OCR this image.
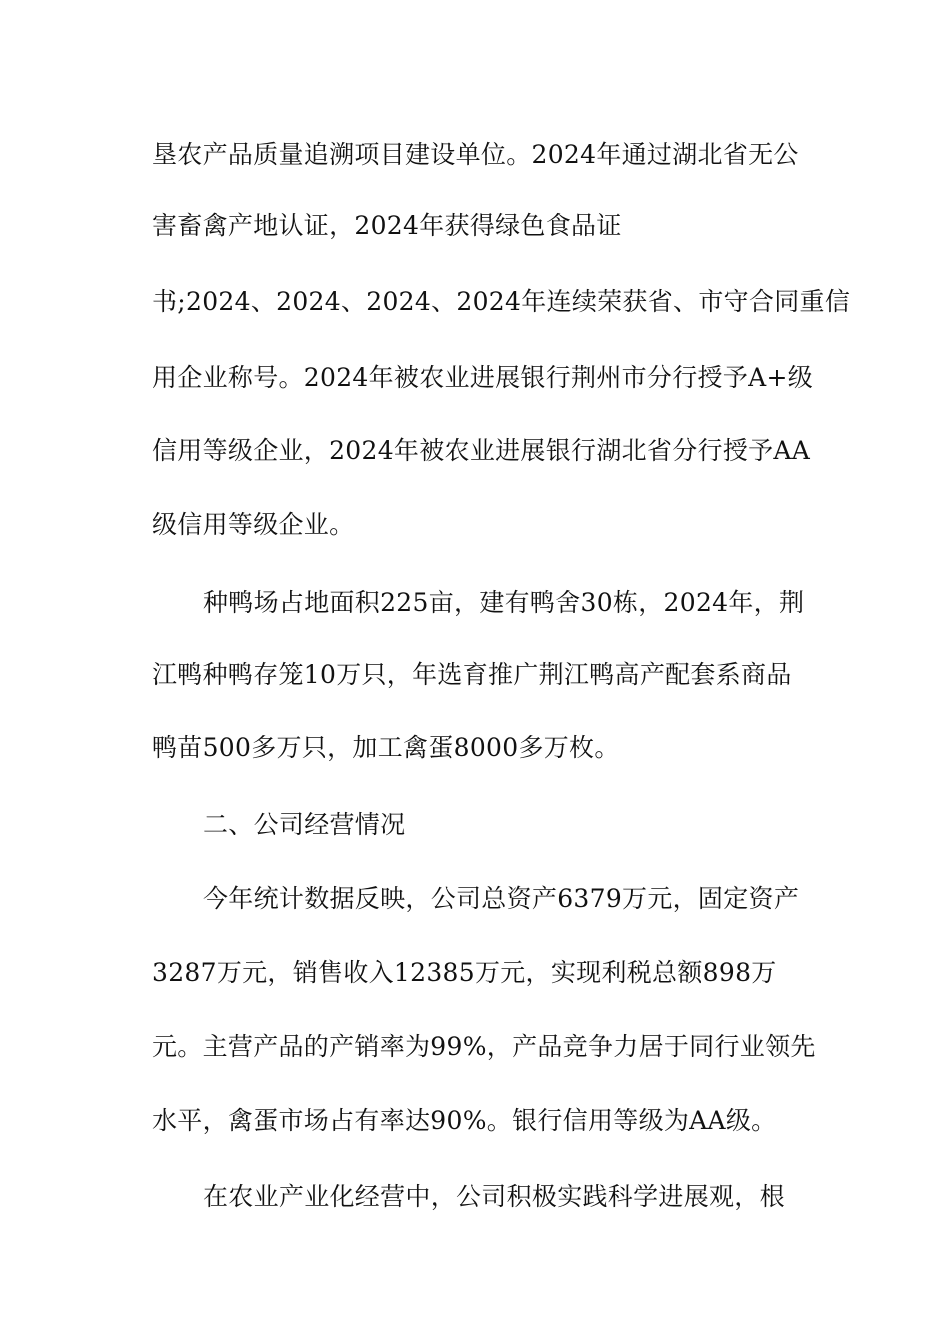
垦农产品质量追溯项目建设单位。2024年通过湖北省无公
害畜禽产地认证，2024年获得绿色食品证
书;2024、2024、2024、2024年连续荣获省、市守合同重信
用企业称号。2024年被农业进展银行荆州市分行授予A+级
信用等级企业，2024年被农业进展银行湖北省分行授予AA
级信用等级企业。
种鸭场占地面积225亩，建有鸭舍30栋，2024年，荆
江鸭种鸭存笼10万只，年选育推广荆江鸭高产配套系商品
鸭苗500多万只，加工禽蛋8000多万枚。
二、公司经营情况
今年统计数据反映，公司总资产6379万元，固定资产
3287万元，销售收入12385万元，实现利税总额898万
元。主营产品的产销率为99%，产品竞争力居于同行业领先
水平，禽蛋市场占有率达90%。银行信用等级为AA级。
在农业产业化经营中，公司积极实践科学进展观，根
